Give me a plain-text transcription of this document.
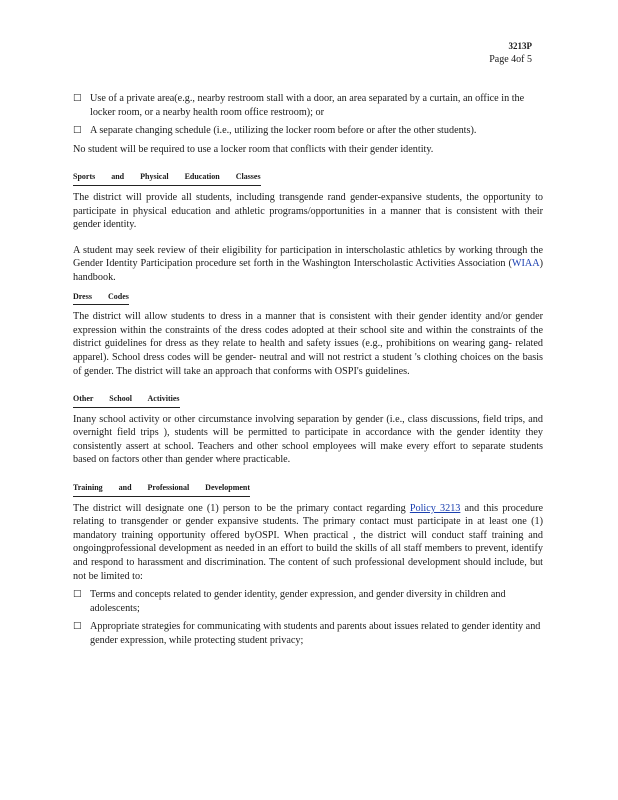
3213P
Page 4of 5

□ Use of a private area(e.g., nearby restroom stall with a door, an area separated by a curtain, an office in the locker room, or a nearby health room office restroom); or

□ A separate changing schedule (i.e., utilizing the locker room before or after the other students).

No student will be required to use a locker room that conflicts with their gender identity.

Sports and Physical Education Classes

The district will provide all students, including transgende rand gender-expansive students, the opportunity to participate in physical education and athletic programs/opportunities in a manner that is consistent with their gender identity.

A student may seek review of their eligibility for participation in interscholastic athletics by working through the Gender Identity Participation procedure set forth in the Washington Interscholastic Activities Association (WIAA) handbook.

Dress Codes

The district will allow students to dress in a manner that is consistent with their gender identity and/or gender expression within the constraints of the dress codes adopted at their school site and within the constraints of the district guidelines for dress as they relate to health and safety issues (e.g., prohibitions on wearing gang- related apparel). School dress codes will be gender- neutral and will not restrict a student 's clothing choices on the basis of gender. The district will take an approach that conforms with OSPI's guidelines.

Other School Activities

Inany school activity or other circumstance involving separation by gender (i.e., class discussions, field trips, and overnight field trips ), students will be permitted to participate in accordance with the gender identity they consistently assert at school. Teachers and other school employees will make every effort to separate students based on factors other than gender where practicable.

Training and Professional Development

The district will designate one (1) person to be the primary contact regarding Policy 3213 and this procedure relating to transgender or gender expansive students. The primary contact must participate in at least one (1) mandatory training opportunity offered byOSPI. When practical , the district will conduct staff training and ongoingprofessional development as needed in an effort to build the skills of all staff members to prevent, identify and respond to harassment and discrimination. The content of such professional development should include, but not be limited to:

□ Terms and concepts related to gender identity, gender expression, and gender diversity in children and adolescents;

□ Appropriate strategies for communicating with students and parents about issues related to gender identity and gender expression, while protecting student privacy;
